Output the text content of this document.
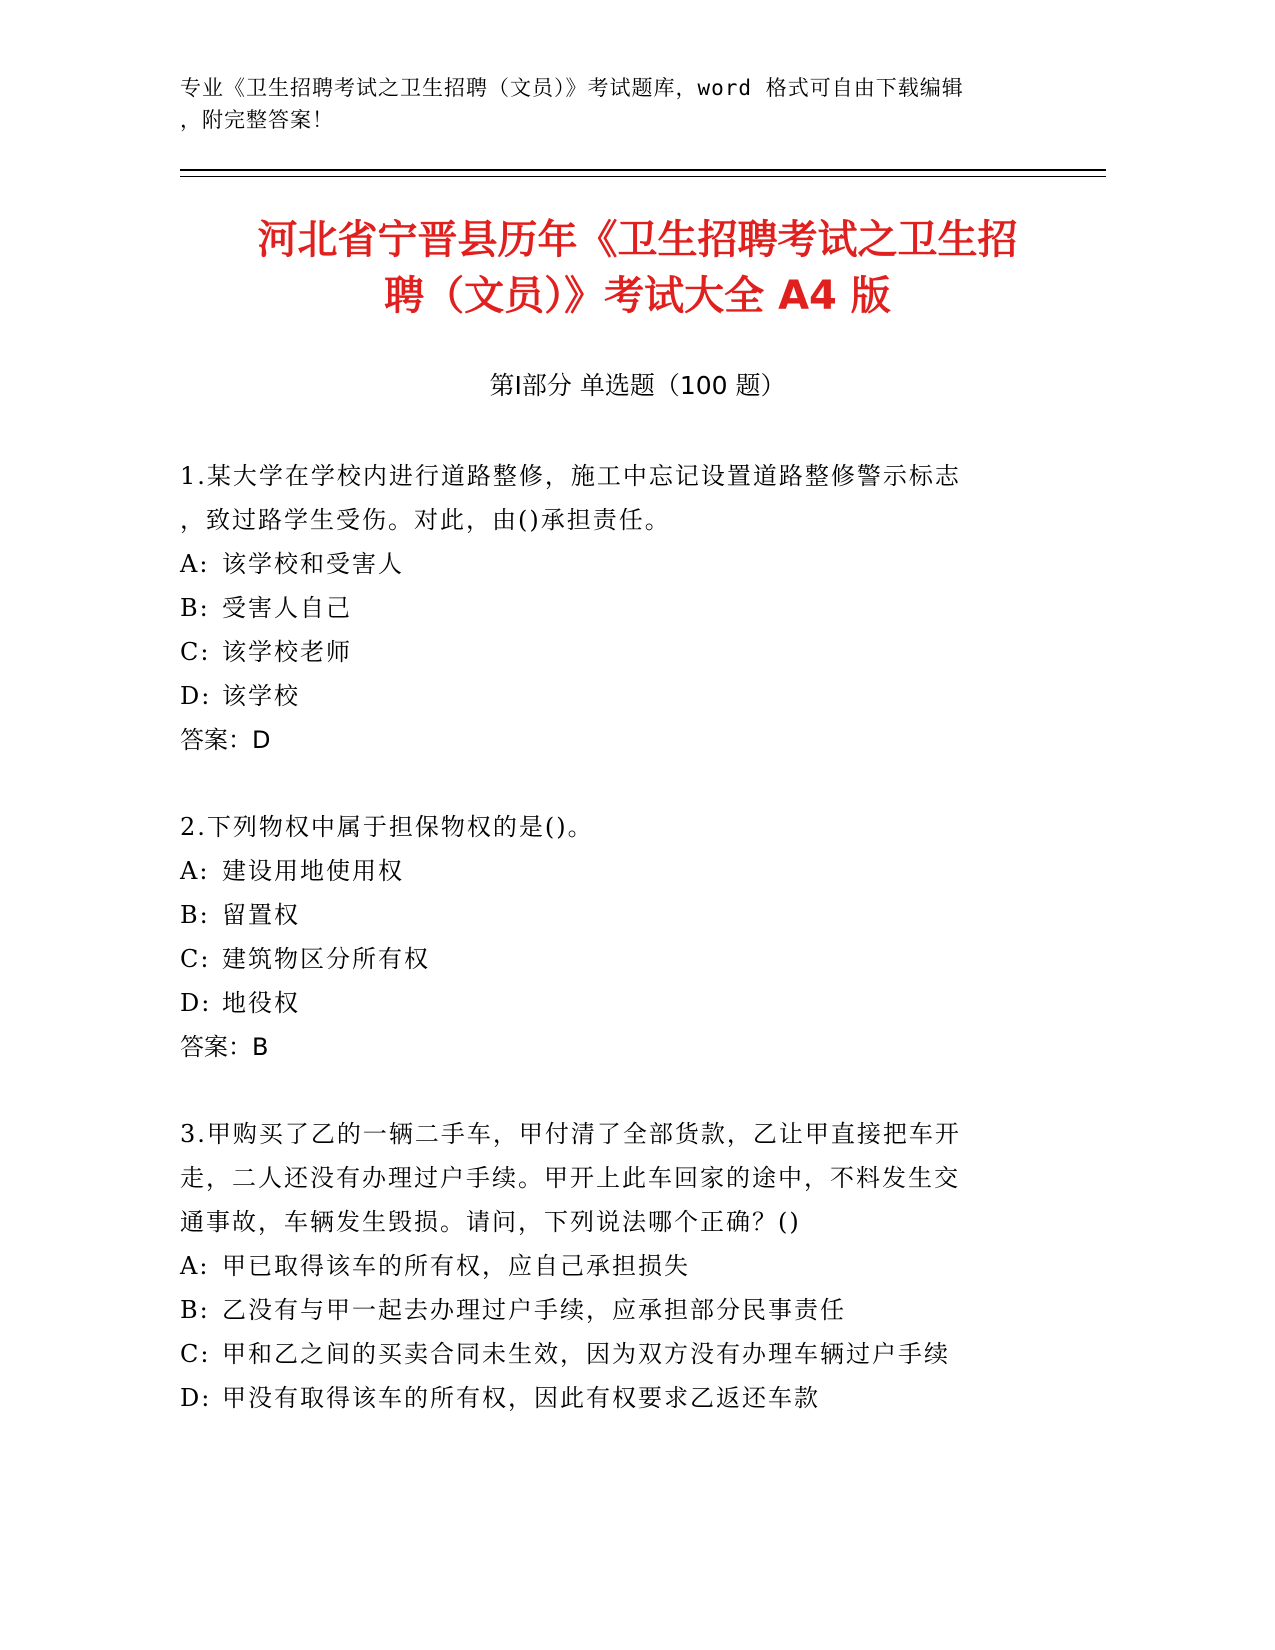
专业《卫生招聘考试之卫生招聘（文员）》考试题库，word 格式可自由下载编辑
，附完整答案！
河北省宁晋县历年《卫生招聘考试之卫生招
聘（文员）》考试大全 A4 版
第Ⅰ部分 单选题（100 题）
1.某大学在学校内进行道路整修，施工中忘记设置道路整修警示标志
，致过路学生受伤。对此，由()承担责任。
A: 该学校和受害人
B: 受害人自己
C: 该学校老师
D: 该学校
答案：D
2.下列物权中属于担保物权的是()。
A: 建设用地使用权
B: 留置权
C: 建筑物区分所有权
D: 地役权
答案：B
3.甲购买了乙的一辆二手车，甲付清了全部货款，乙让甲直接把车开
走，二人还没有办理过户手续。甲开上此车回家的途中，不料发生交
通事故，车辆发生毁损。请问，下列说法哪个正确？()
A: 甲已取得该车的所有权，应自己承担损失
B: 乙没有与甲一起去办理过户手续，应承担部分民事责任
C: 甲和乙之间的买卖合同未生效，因为双方没有办理车辆过户手续
D: 甲没有取得该车的所有权，因此有权要求乙返还车款
